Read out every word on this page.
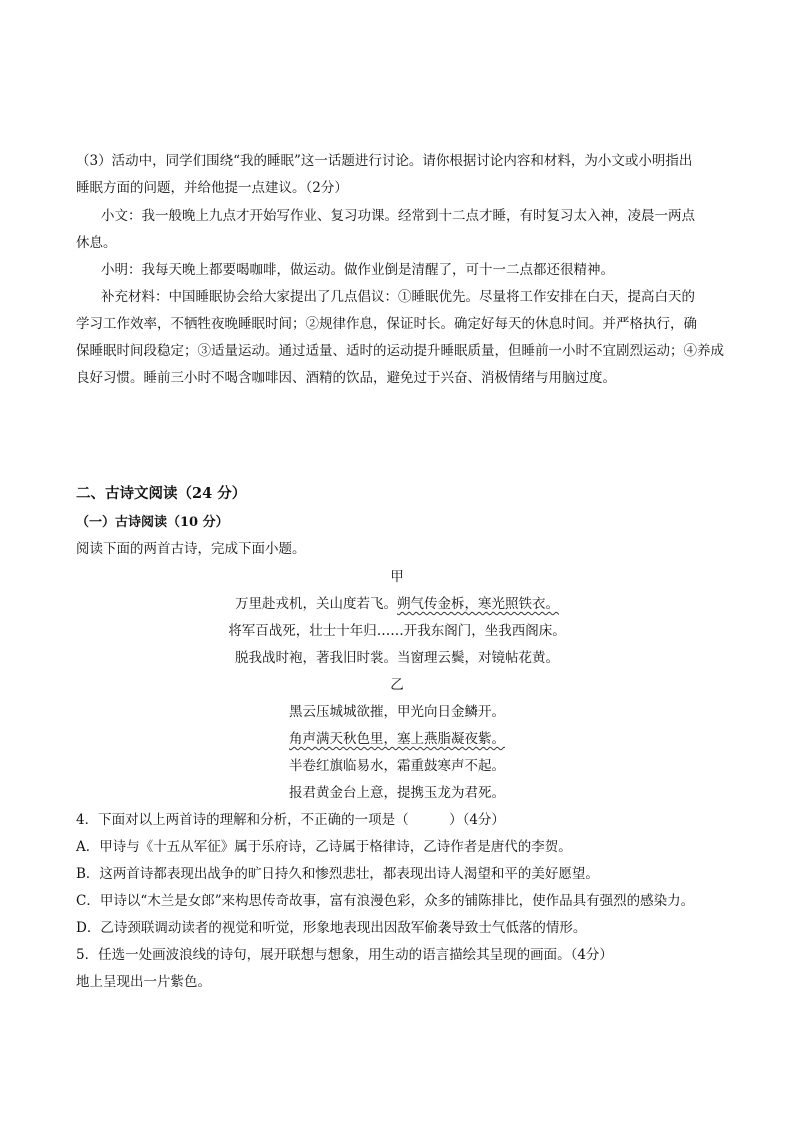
（3）活动中，同学们围绕“我的睡眠”这一话题进行讨论。请你根据讨论内容和材料，为小文或小明指出
睡眠方面的问题，并给他提一点建议。（2分）
小文：我一般晚上九点才开始写作业、复习功课。经常到十二点才睡，有时复习太入神，凌晨一两点
休息。
小明：我每天晚上都要喝咖啡，做运动。做作业倒是清醒了，可十一二点都还很精神。
补充材料：中国睡眠协会给大家提出了几点倡议：①睡眠优先。尽量将工作安排在白天，提高白天的
学习工作效率，不牺牲夜晚睡眠时间；②规律作息，保证时长。确定好每天的休息时间。并严格执行，确
保睡眠时间段稳定；③适量运动。通过适量、适时的运动提升睡眠质量，但睡前一小时不宜剧烈运动；④养成
良好习惯。睡前三小时不喝含咖啡因、酒精的饮品，避免过于兴奋、消极情绪与用脑过度。
二、古诗文阅读（24 分）
（一）古诗阅读（10 分）
阅读下面的两首古诗，完成下面小题。
甲
万里赴戎机，关山度若飞。朔气传金柝，寒光照铁衣。
将军百战死，壮士十年归……开我东阁门，坐我西阁床。
脱我战时袍，著我旧时裳。当窗理云鬓，对镜帖花黄。
乙
黑云压城城欲摧，甲光向日金鳞开。
角声满天秋色里，塞上燕脂凝夜紫。
半卷红旗临易水，霜重鼓寒声不起。
报君黄金台上意，提携玉龙为君死。
4．下面对以上两首诗的理解和分析，不正确的一项是（　　　）（4分）
A．甲诗与《十五从军征》属于乐府诗，乙诗属于格律诗，乙诗作者是唐代的李贺。
B．这两首诗都表现出战争的旷日持久和惨烈悲壮，都表现出诗人渴望和平的美好愿望。
C．甲诗以“木兰是女郎”来构思传奇故事，富有浪漫色彩，众多的铺陈排比，使作品具有强烈的感染力。
D．乙诗颈联调动读者的视觉和听觉，形象地表现出因敌军偷袭导致士气低落的情形。
5．任选一处画波浪线的诗句，展开联想与想象，用生动的语言描绘其呈现的画面。（4分）
地上呈现出一片紫色。
